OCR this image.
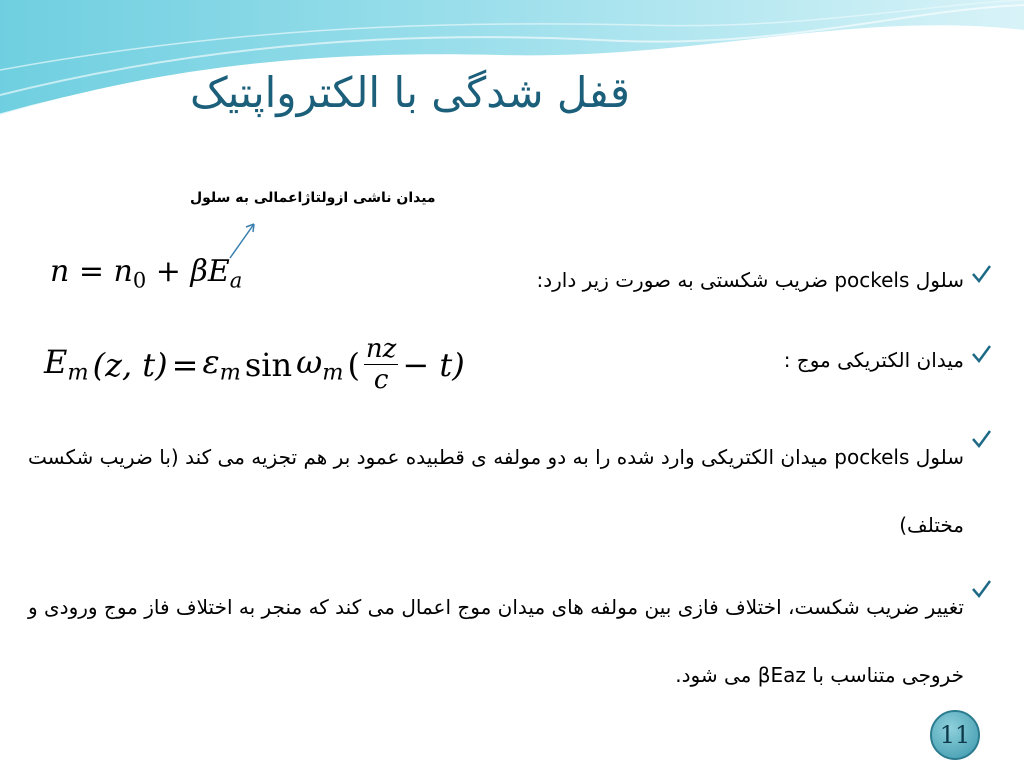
قفل شدگی با الکترواپتیک
میدان ناشی ازولتاژاعمالی به سلول
$n = n_0 + \beta E_a$
$E_m$ (z, $t) = \varepsilon_m$ $\sin \omega_m$ ( $\frac{nz}{c} - t$)
سلول pockels ضریب شکستی به صورت زیر دارد:
میدان الکتریکی موج :
سلول pockels میدان الکتریکی وارد شده را به دو مولفه ی قطبیده عمود بر هم تجزیه می کند (با ضریب شکست مختلف)
تغییر ضریب شکست، اختلاف فازی بین مولفه های میدان موج اعمال می کند که منجر به اختلاف فاز موج ورودی و خروجی متناسب با βEaz می شود.
11
